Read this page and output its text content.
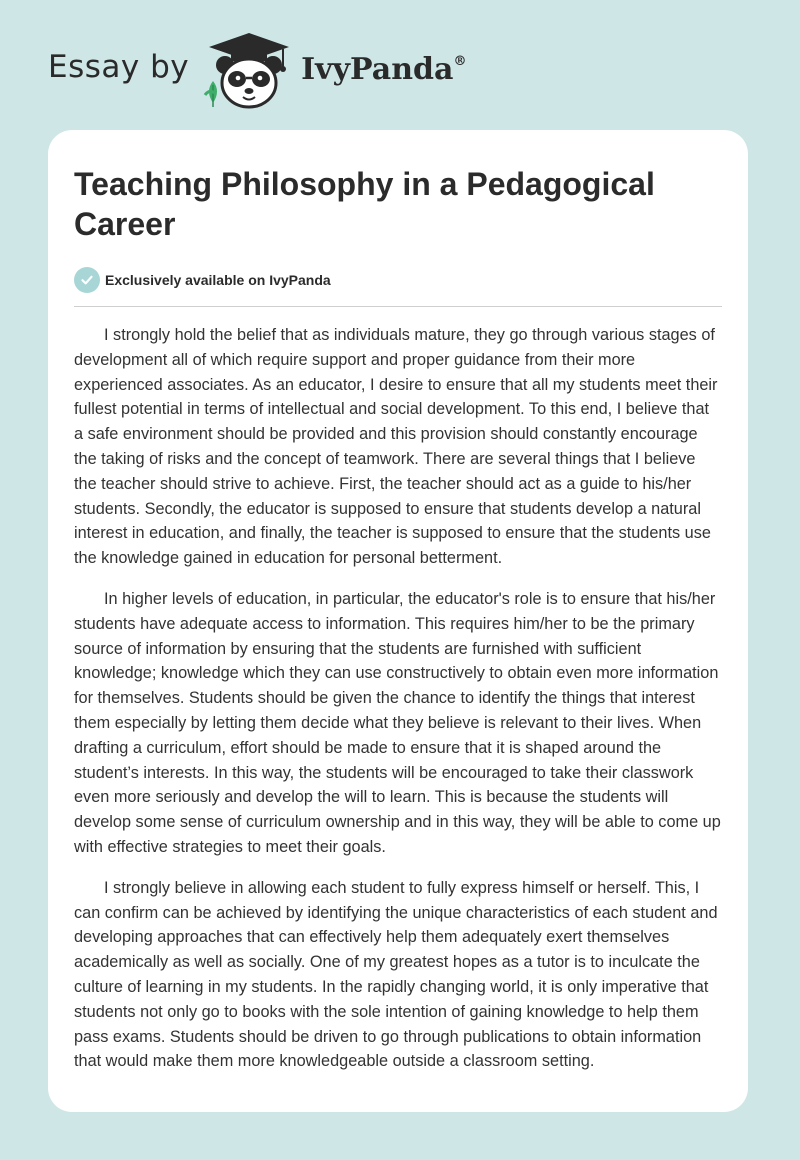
Essay by	IvyPanda®
Teaching Philosophy in a Pedagogical Career
Exclusively available on IvyPanda

I strongly hold the belief that as individuals mature, they go through various stages of development all of which require support and proper guidance from their more experienced associates. As an educator, I desire to ensure that all my students meet their fullest potential in terms of intellectual and social development. To this end, I believe that a safe environment should be provided and this provision should constantly encourage the taking of risks and the concept of teamwork. There are several things that I believe the teacher should strive to achieve. First, the teacher should act as a guide to his/her students. Secondly, the educator is supposed to ensure that students develop a natural interest in education, and finally, the teacher is supposed to ensure that the students use the knowledge gained in education for personal betterment.

In higher levels of education, in particular, the educator's role is to ensure that his/her students have adequate access to information. This requires him/her to be the primary source of information by ensuring that the students are furnished with sufficient knowledge; knowledge which they can use constructively to obtain even more information for themselves. Students should be given the chance to identify the things that interest them especially by letting them decide what they believe is relevant to their lives. When drafting a curriculum, effort should be made to ensure that it is shaped around the student’s interests. In this way, the students will be encouraged to take their classwork even more seriously and develop the will to learn. This is because the students will develop some sense of curriculum ownership and in this way, they will be able to come up with effective strategies to meet their goals.

I strongly believe in allowing each student to fully express himself or herself. This, I can confirm can be achieved by identifying the unique characteristics of each student and developing approaches that can effectively help them adequately exert themselves academically as well as socially. One of my greatest hopes as a tutor is to inculcate the culture of learning in my students. In the rapidly changing world, it is only imperative that students not only go to books with the sole intention of gaining knowledge to help them pass exams. Students should be driven to go through publications to obtain information that would make them more knowledgeable outside a classroom setting.
